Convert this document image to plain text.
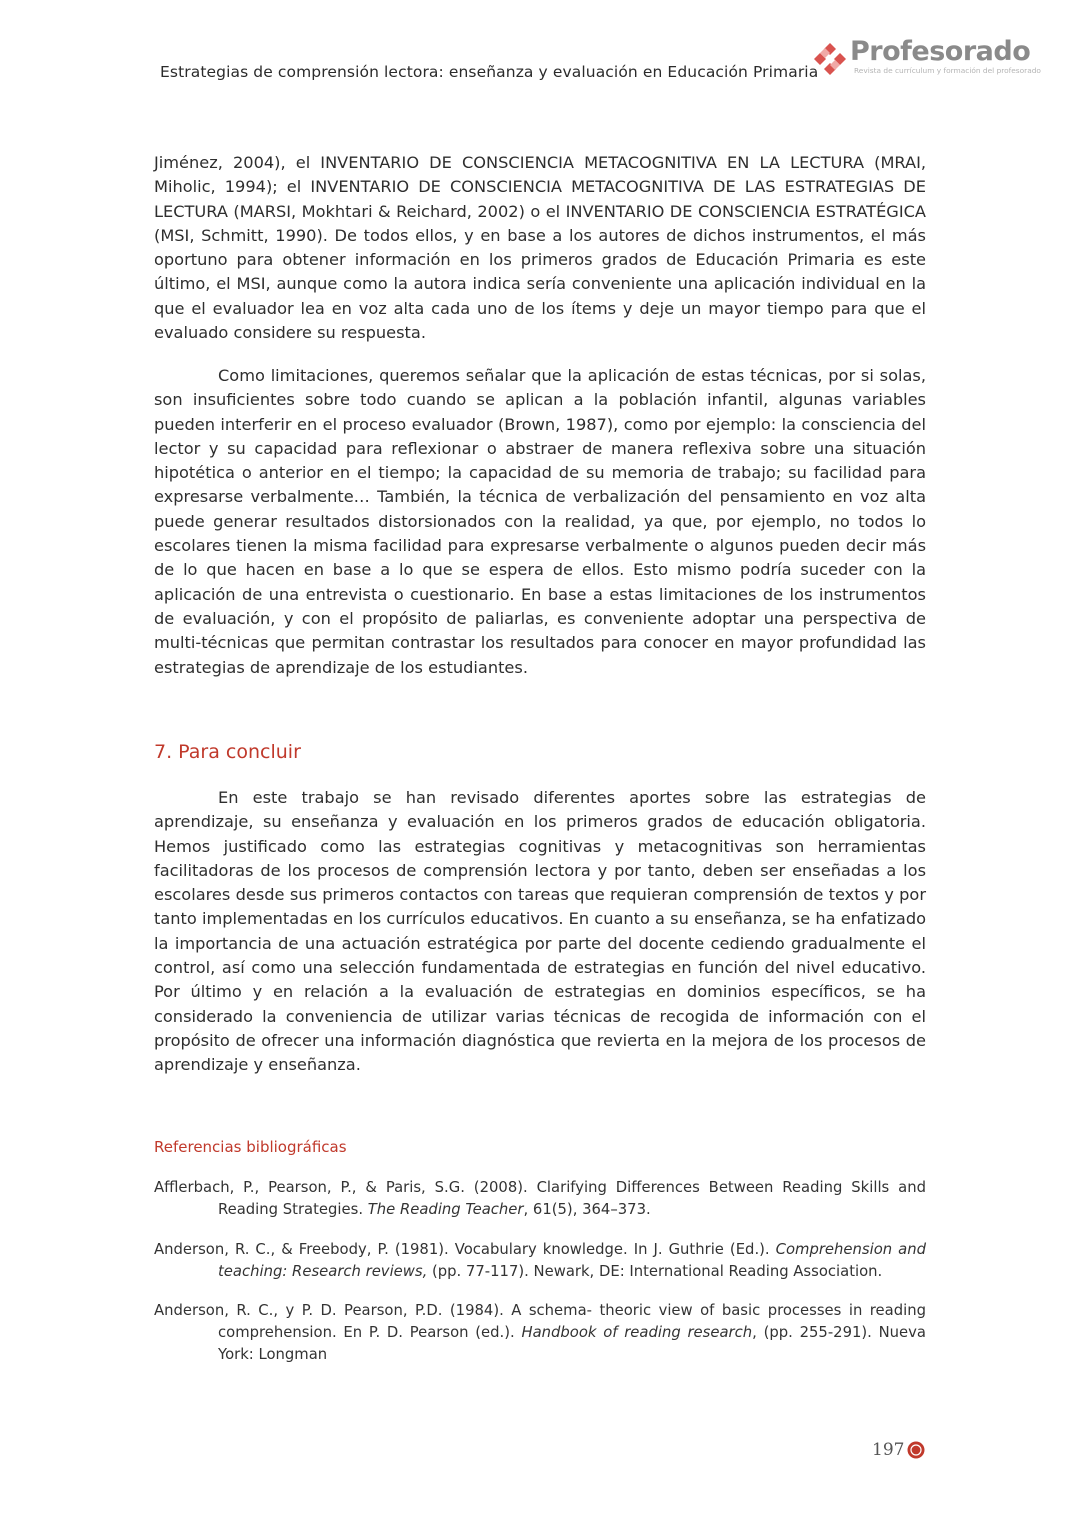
Estrategias de comprensión lectora: enseñanza y evaluación en Educación Primaria
Profesorado
Revista de currículum y formación del profesorado

Jiménez, 2004), el INVENTARIO DE CONSCIENCIA METACOGNITIVA EN LA LECTURA (MRAI, Miholic, 1994); el INVENTARIO DE CONSCIENCIA METACOGNITIVA DE LAS ESTRATEGIAS DE LECTURA (MARSI, Mokhtari & Reichard, 2002) o el INVENTARIO DE CONSCIENCIA ESTRATÉGICA (MSI, Schmitt, 1990). De todos ellos, y en base a los autores de dichos instrumentos, el más oportuno para obtener información en los primeros grados de Educación Primaria es este último, el MSI, aunque como la autora indica sería conveniente una aplicación individual en la que el evaluador lea en voz alta cada uno de los ítems y deje un mayor tiempo para que el evaluado considere su respuesta.

Como limitaciones, queremos señalar que la aplicación de estas técnicas, por si solas, son insuficientes sobre todo cuando se aplican a la población infantil, algunas variables pueden interferir en el proceso evaluador (Brown, 1987), como por ejemplo: la consciencia del lector y su capacidad para reflexionar o abstraer de manera reflexiva sobre una situación hipotética o anterior en el tiempo; la capacidad de su memoria de trabajo; su facilidad para expresarse verbalmente… También, la técnica de verbalización del pensamiento en voz alta puede generar resultados distorsionados con la realidad, ya que, por ejemplo, no todos lo escolares tienen la misma facilidad para expresarse verbalmente o algunos pueden decir más de lo que hacen en base a lo que se espera de ellos. Esto mismo podría suceder con la aplicación de una entrevista o cuestionario. En base a estas limitaciones de los instrumentos de evaluación, y con el propósito de paliarlas, es conveniente adoptar una perspectiva de multi-técnicas que permitan contrastar los resultados para conocer en mayor profundidad las estrategias de aprendizaje de los estudiantes.

7. Para concluir

En este trabajo se han revisado diferentes aportes sobre las estrategias de aprendizaje, su enseñanza y evaluación en los primeros grados de educación obligatoria. Hemos justificado como las estrategias cognitivas y metacognitivas son herramientas facilitadoras de los procesos de comprensión lectora y por tanto, deben ser enseñadas a los escolares desde sus primeros contactos con tareas que requieran comprensión de textos y por tanto implementadas en los currículos educativos. En cuanto a su enseñanza, se ha enfatizado la importancia de una actuación estratégica por parte del docente cediendo gradualmente el control, así como una selección fundamentada de estrategias en función del nivel educativo. Por último y en relación a la evaluación de estrategias en dominios específicos, se ha considerado la conveniencia de utilizar varias técnicas de recogida de información con el propósito de ofrecer una información diagnóstica que revierta en la mejora de los procesos de aprendizaje y enseñanza.

Referencias bibliográficas
Afflerbach, P., Pearson, P., & Paris, S.G. (2008). Clarifying Differences Between Reading Skills and Reading Strategies. The Reading Teacher, 61(5), 364–373.
Anderson, R. C., & Freebody, P. (1981). Vocabulary knowledge. In J. Guthrie (Ed.). Comprehension and teaching: Research reviews, (pp. 77-117). Newark, DE: International Reading Association.
Anderson, R. C., y P. D. Pearson, P.D. (1984). A schema- theoric view of basic processes in reading comprehension. En P. D. Pearson (ed.). Handbook of reading research, (pp. 255-291). Nueva York: Longman
197
